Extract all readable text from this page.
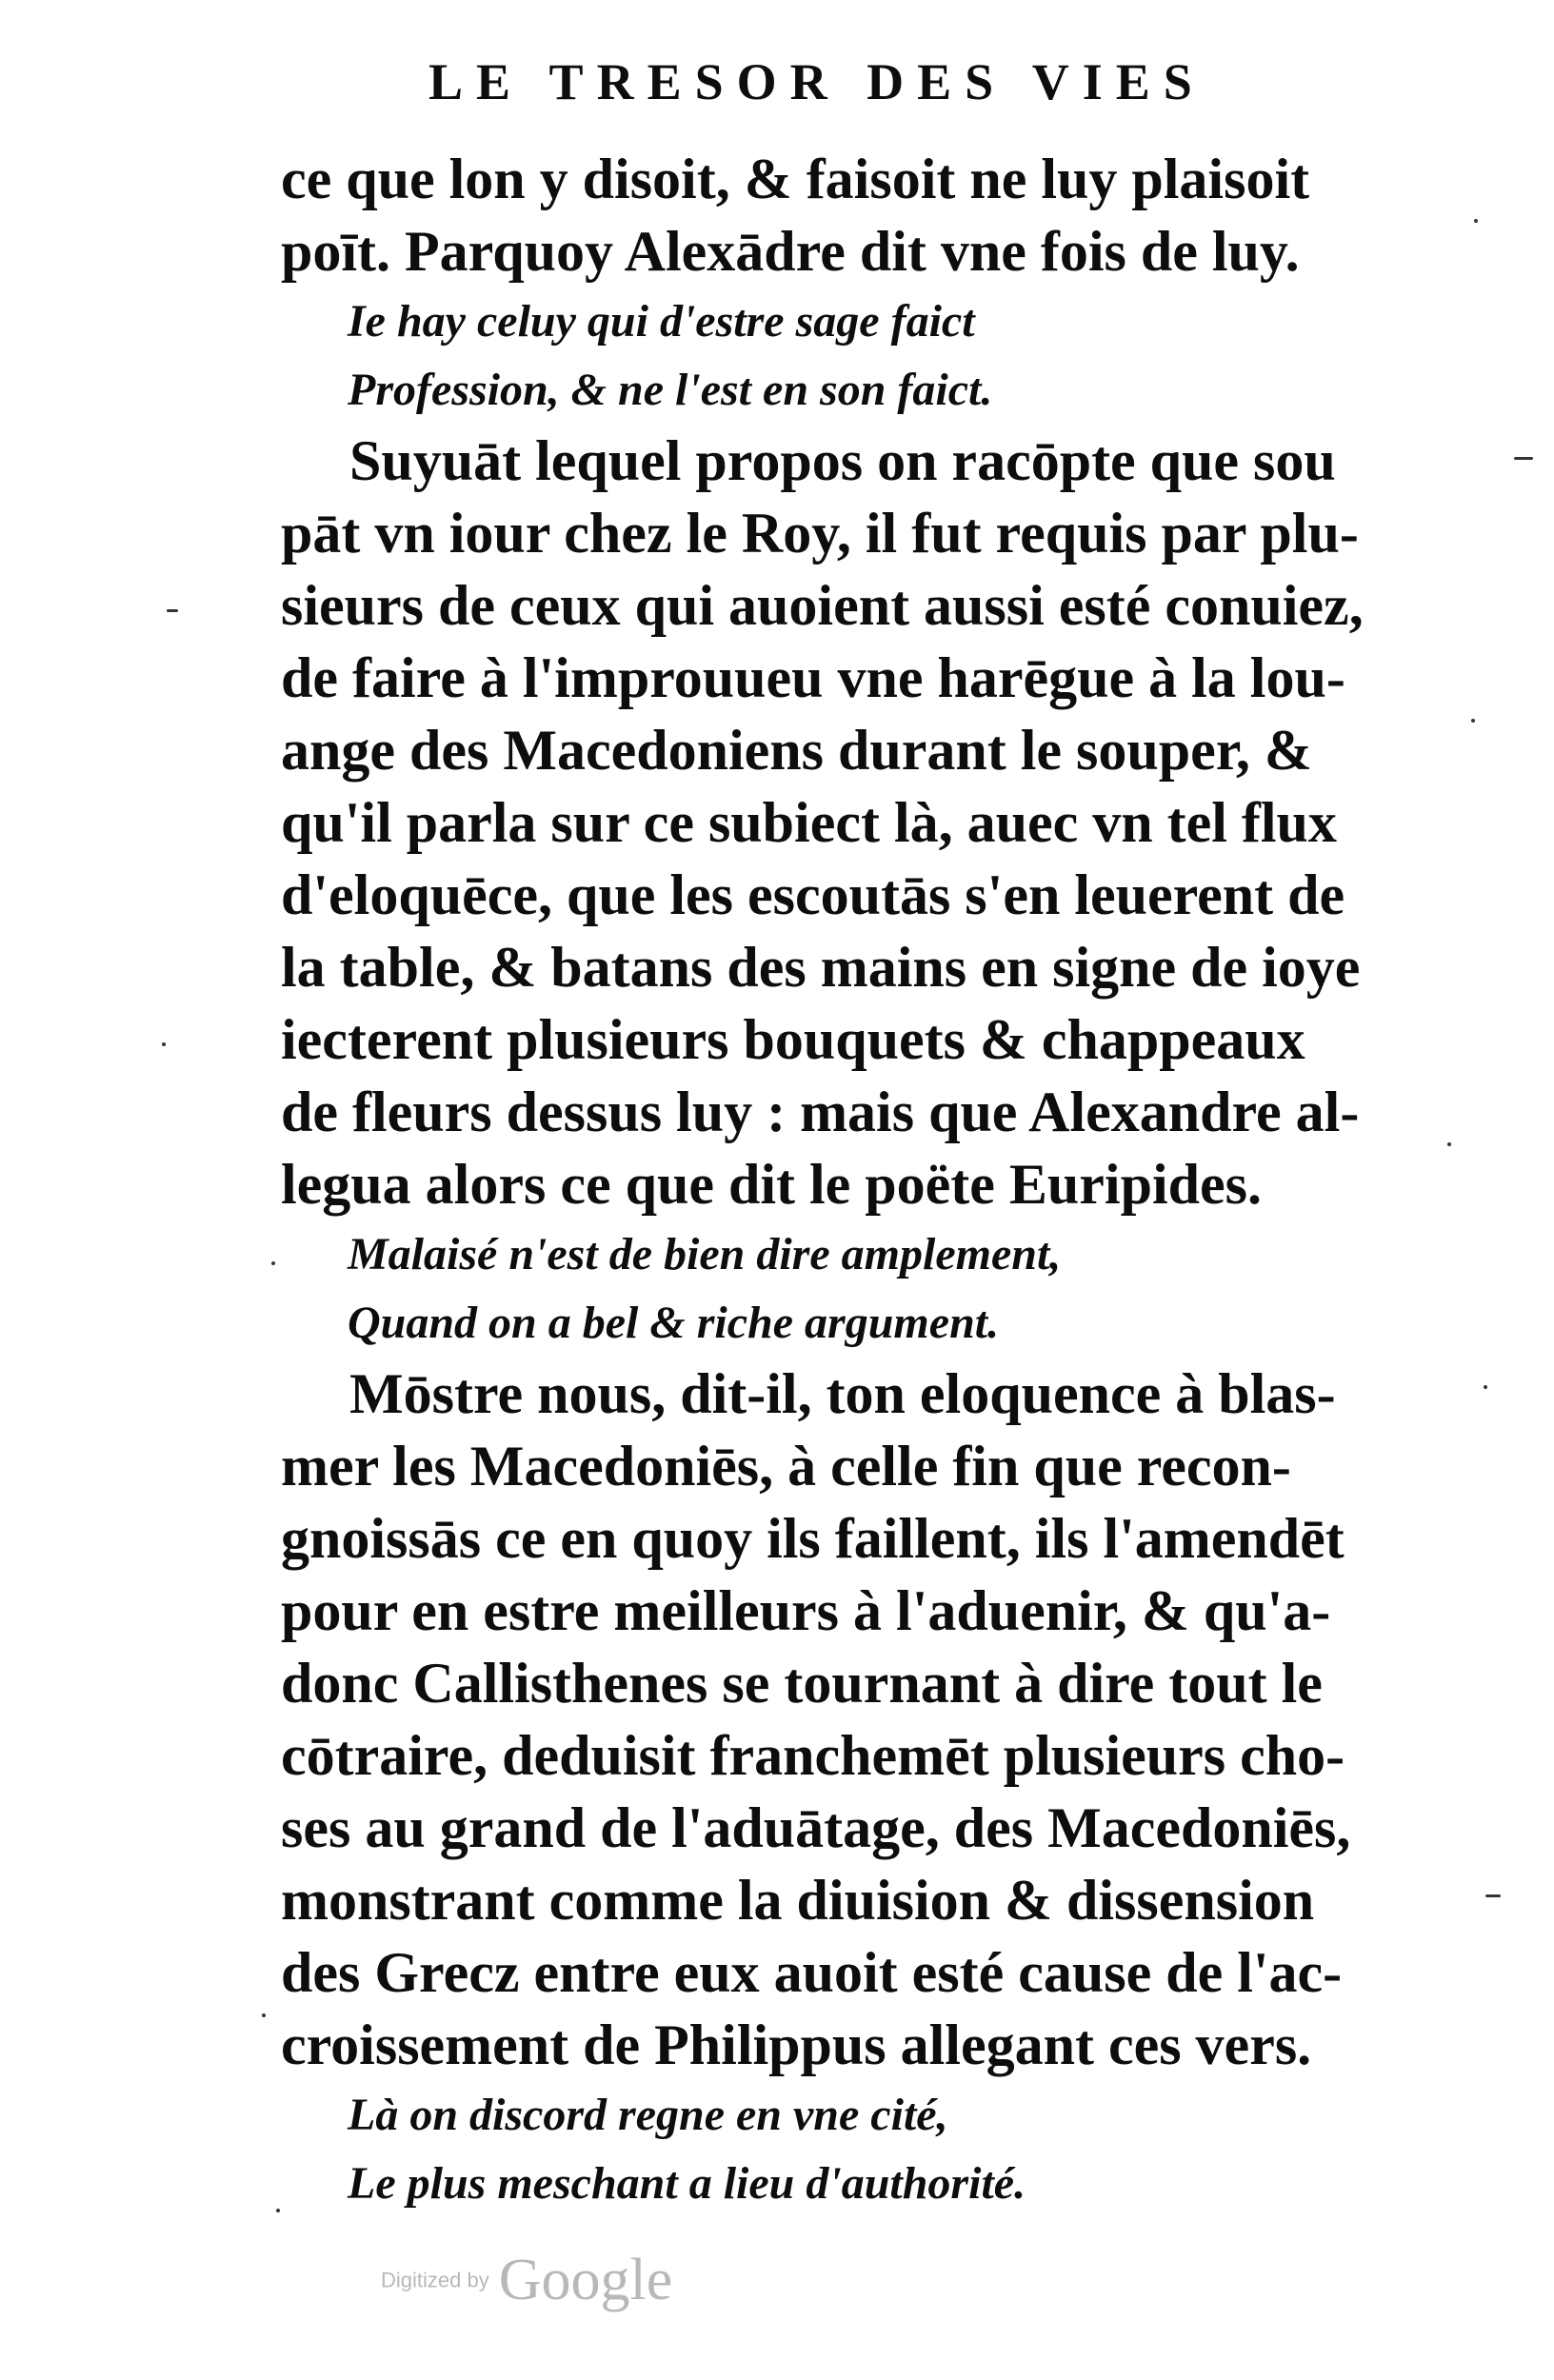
LE TRESOR DES VIES
ce que lon y disoit, & faisoit ne luy plaisoit
poīt. Parquoy Alexādre dit vne fois de luy.
Ie hay celuy qui d'estre sage faict
Profession, & ne l'est en son faict.
Suyuāt lequel propos on racōpte que sou
pāt vn iour chez le Roy, il fut requis par plu-
sieurs de ceux qui auoient aussi esté conuiez,
de faire à l'improuueu vne harēgue à la lou-
ange des Macedoniens durant le souper, &
qu'il parla sur ce subiect là, auec vn tel flux
d'eloquēce, que les escoutās s'en leuerent de
la table, & batans des mains en signe de ioye
iecterent plusieurs bouquets & chappeaux
de fleurs dessus luy : mais que Alexandre al-
legua alors ce que dit le poëte Euripides.
Malaisé n'est de bien dire amplement,
Quand on a bel & riche argument.
Mōstre nous, dit-il, ton eloquence à blas-
mer les Macedoniēs, à celle fin que recon-
gnoissās ce en quoy ils faillent, ils l'amendēt
pour en estre meilleurs à l'aduenir, & qu'a-
donc Callisthenes se tournant à dire tout le
cōtraire, deduisit franchemēt plusieurs cho-
ses au grand de l'aduātage, des Macedoniēs,
monstrant comme la diuision & dissension
des Grecz entre eux auoit esté cause de l'ac-
croissement de Philippus allegant ces vers.
Là on discord regne en vne cité,
Le plus meschant a lieu d'authorité.
Digitized by Google
